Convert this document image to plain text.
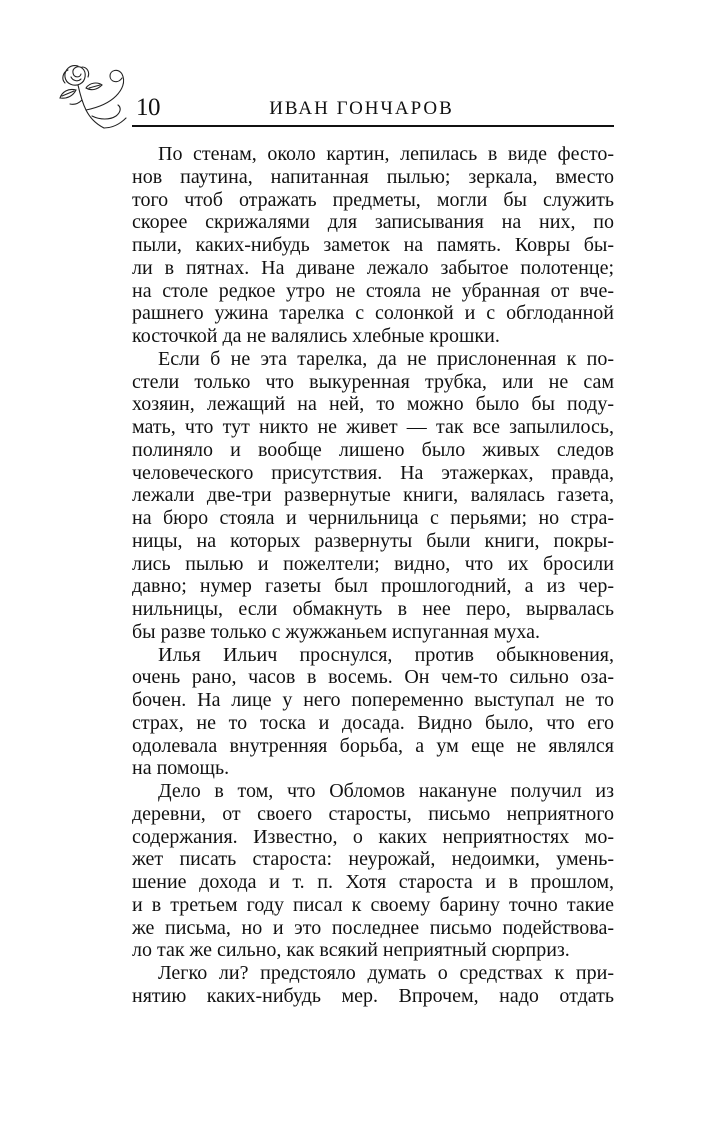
10	ИВАН ГОНЧАРОВ
По стенам, около картин, лепилась в виде фесто-
нов паутина, напитанная пылью; зеркала, вместо
того чтоб отражать предметы, могли бы служить
скорее скрижалями для записывания на них, по
пыли, каких-нибудь заметок на память. Ковры бы-
ли в пятнах. На диване лежало забытое полотенце;
на столе редкое утро не стояла не убранная от вче-
рашнего ужина тарелка с солонкой и с обглоданной
косточкой да не валялись хлебные крошки.
Если б не эта тарелка, да не прислоненная к по-
стели только что выкуренная трубка, или не сам
хозяин, лежащий на ней, то можно было бы поду-
мать, что тут никто не живет — так все запылилось,
полиняло и вообще лишено было живых следов
человеческого присутствия. На этажерках, правда,
лежали две-три развернутые книги, валялась газета,
на бюро стояла и чернильница с перьями; но стра-
ницы, на которых развернуты были книги, покры-
лись пылью и пожелтели; видно, что их бросили
давно; нумер газеты был прошлогодний, а из чер-
нильницы, если обмакнуть в нее перо, вырвалась
бы разве только с жужжаньем испуганная муха.
Илья Ильич проснулся, против обыкновения,
очень рано, часов в восемь. Он чем-то сильно оза-
бочен. На лице у него попеременно выступал не то
страх, не то тоска и досада. Видно было, что его
одолевала внутренняя борьба, а ум еще не являлся
на помощь.
Дело в том, что Обломов накануне получил из
деревни, от своего старосты, письмо неприятного
содержания. Известно, о каких неприятностях мо-
жет писать староста: неурожай, недоимки, умень-
шение дохода и т. п. Хотя староста и в прошлом,
и в третьем году писал к своему барину точно такие
же письма, но и это последнее письмо подействова-
ло так же сильно, как всякий неприятный сюрприз.
Легко ли? предстояло думать о средствах к при-
нятию каких-нибудь мер. Впрочем, надо отдать
